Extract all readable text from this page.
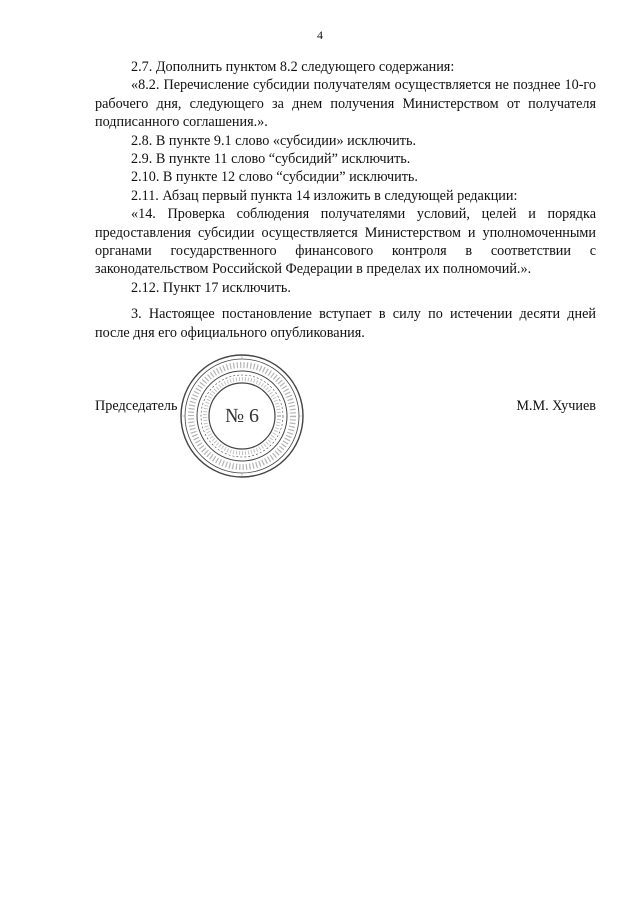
4

2.7. Дополнить пунктом 8.2 следующего содержания:

«8.2. Перечисление субсидии получателям осуществляется не позднее 10-го рабочего дня, следующего за днем получения Министерством от получателя подписанного соглашения.».

2.8. В пункте 9.1 слово «субсидии» исключить.

2.9. В пункте 11 слово “субсидий” исключить.

2.10. В пункте 12 слово “субсидии” исключить.

2.11. Абзац первый пункта 14 изложить в следующей редакции:

«14. Проверка соблюдения получателями условий, целей и порядка предоставления субсидии осуществляется Министерством и уполномоченными органами государственного финансового контроля в соответствии с законодательством Российской Федерации в пределах их полномочий.».

2.12. Пункт 17 исключить.

3. Настоящее постановление вступает в силу по истечении десяти дней после дня его официального опубликования.

Председатель	М.М. Хучиев
№ 6
